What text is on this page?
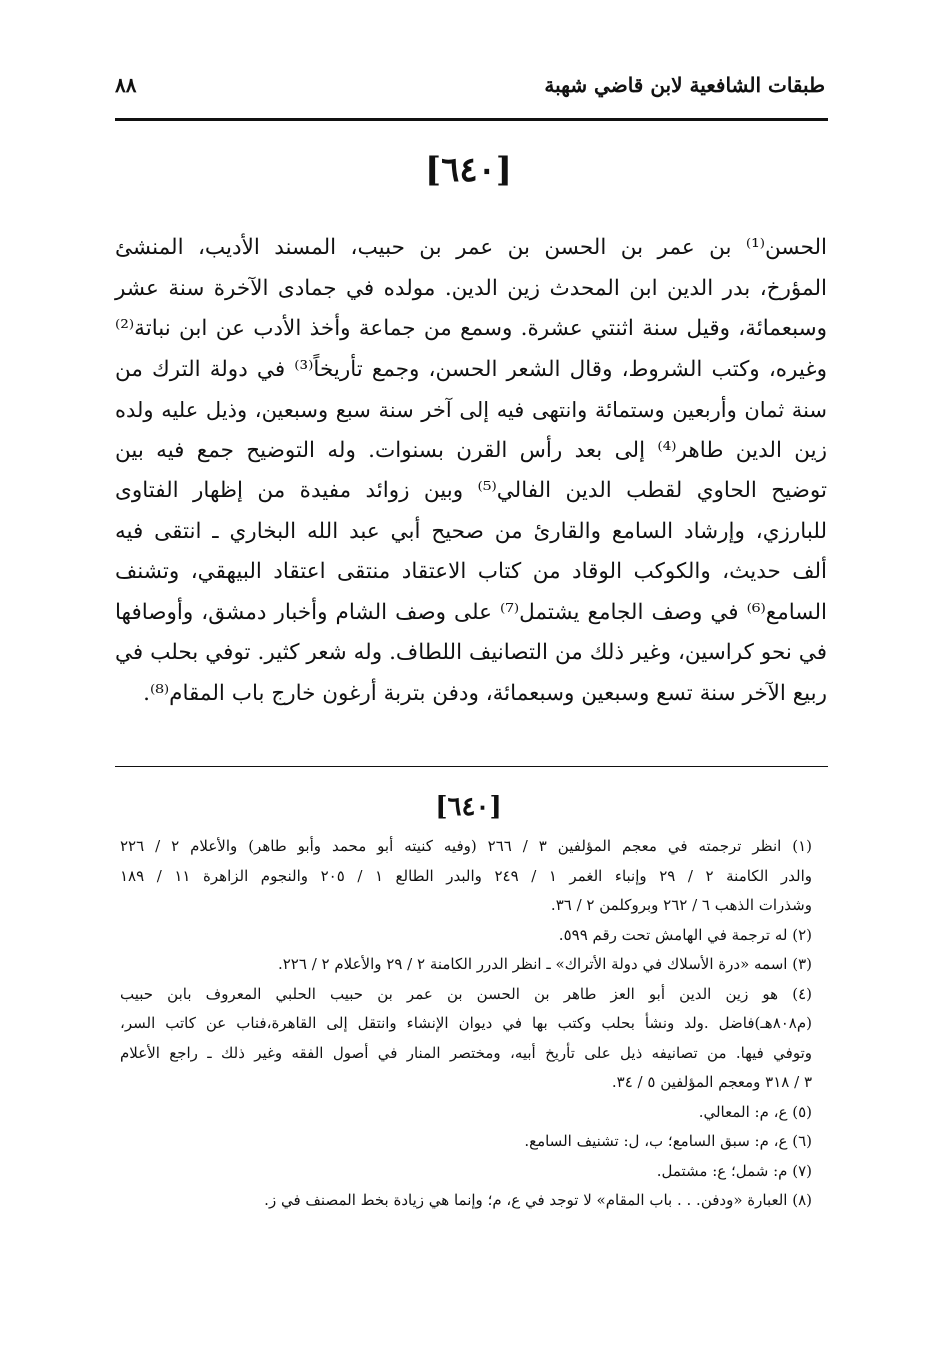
طبقات الشافعية لابن قاضي شهبة
٨٨
[٦٤٠]
الحسن⁽¹⁾ بن عمر بن الحسن بن عمر بن حبيب، المسند الأديب، المنشئ
المؤرخ، بدر الدين ابن المحدث زين الدين. مولده في جمادى الآخرة سنة عشر
وسبعمائة، وقيل سنة اثنتي عشرة. وسمع من جماعة وأخذ الأدب عن ابن نباتة⁽²⁾
وغيره، وكتب الشروط، وقال الشعر الحسن، وجمع تأريخاً⁽³⁾ في دولة الترك من
سنة ثمان وأربعين وستمائة وانتهى فيه إلى آخر سنة سبع وسبعين، وذيل عليه ولده
زين الدين طاهر⁽⁴⁾ إلى بعد رأس القرن بسنوات. وله التوضيح جمع فيه بين
توضيح الحاوي لقطب الدين الفالي⁽⁵⁾ وبين زوائد مفيدة من إظهار الفتاوى
للبارزي، وإرشاد السامع والقارئ من صحيح أبي عبد الله البخاري ـ انتقى فيه
ألف حديث، والكوكب الوقاد من كتاب الاعتقاد منتقى اعتقاد البيهقي، وتشنف
السامع⁽⁶⁾ في وصف الجامع يشتمل⁽⁷⁾ على وصف الشام وأخبار دمشق، وأوصافها
في نحو كراسين، وغير ذلك من التصانيف اللطاف. وله شعر كثير. توفي بحلب في
ربيع الآخر سنة تسع وسبعين وسبعمائة، ودفن بتربة أرغون خارج باب المقام⁽⁸⁾.
[٦٤٠]
(١) انظر ترجمته في معجم المؤلفين ٣ / ٢٦٦ (وفيه كنيته أبو محمد وأبو طاهر) والأعلام ٢ / ٢٢٦
والدر الكامنة ٢ / ٢٩ وإنباء الغمر ١ / ٢٤٩ والبدر الطالع ١ / ٢٠٥ والنجوم الزاهرة ١١ / ١٨٩
وشذرات الذهب ٦ / ٢٦٢ وبروكلمن ٢ / ٣٦.
(٢) له ترجمة في الهامش تحت رقم ٥٩٩.
(٣) اسمه «درة الأسلاك في دولة الأتراك» ـ انظر الدرر الكامنة ٢ / ٢٩ والأعلام ٢ / ٢٢٦.
(٤) هو زين الدين أبو العز طاهر بن الحسن بن عمر بن حبيب الحلبي المعروف بابن حبيب
(م٨٠٨هـ)فاضل .ولد ونشأ بحلب وكتب بها في ديوان الإنشاء وانتقل إلى القاهرة،فناب عن كاتب السر،
وتوفي فيها. من تصانيفه ذيل على تأريخ أبيه، ومختصر المنار في أصول الفقه وغير ذلك ـ راجع الأعلام
٣ / ٣١٨ ومعجم المؤلفين ٥ / ٣٤.
(٥) ع، م: المعالي.
(٦) ع، م: سبق السامع؛ ب، ل: تشنيف السامع.
(٧) م: شمل؛ ع: مشتمل.
(٨) العبارة «ودفن. . . باب المقام» لا توجد في ع، م؛ وإنما هي زيادة بخط المصنف في ز.
